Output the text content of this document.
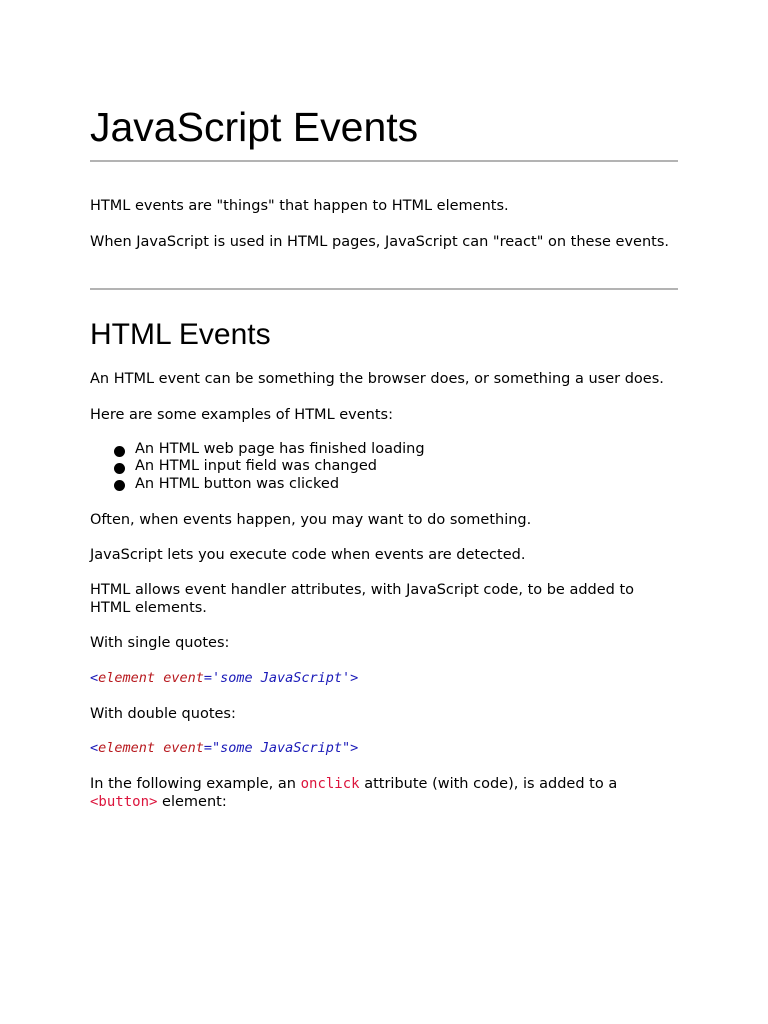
JavaScript Events

HTML events are "things" that happen to HTML elements.

When JavaScript is used in HTML pages, JavaScript can "react" on these events.

HTML Events

An HTML event can be something the browser does, or something a user does.

Here are some examples of HTML events:

An HTML web page has finished loading
An HTML input field was changed
An HTML button was clicked

Often, when events happen, you may want to do something.

JavaScript lets you execute code when events are detected.

HTML allows event handler attributes, with JavaScript code, to be added to HTML elements.

With single quotes:

<element event='some JavaScript'>

With double quotes:

<element event="some JavaScript">

In the following example, an onclick attribute (with code), is added to a <button> element:
